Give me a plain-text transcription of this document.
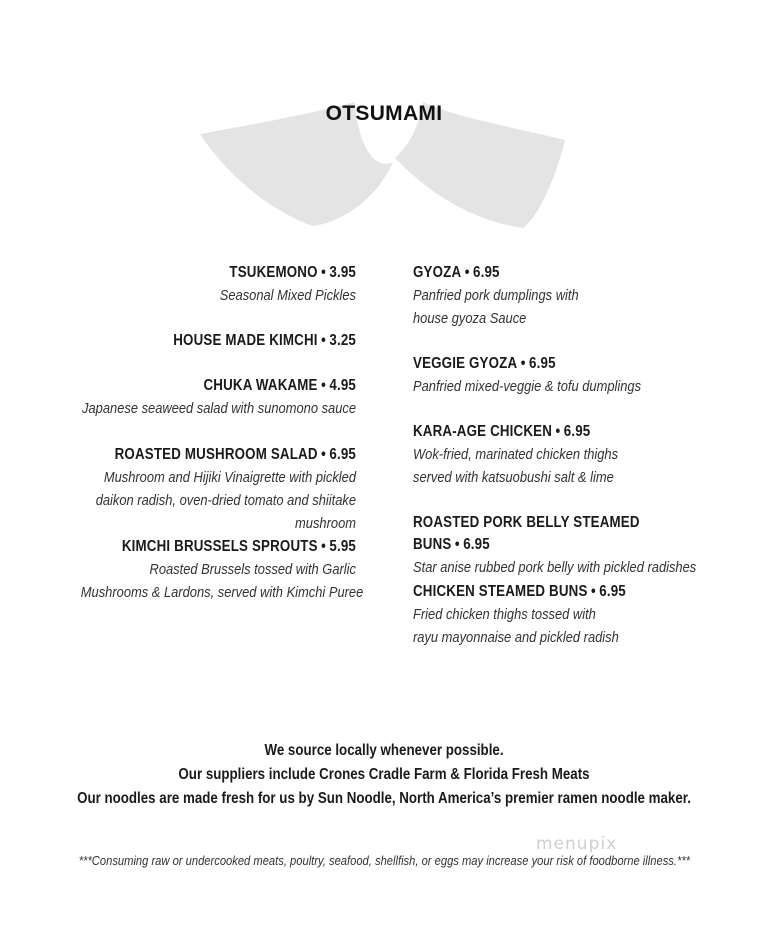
OTSUMAMI
TSUKEMONO • 3.95
Seasonal Mixed Pickles
HOUSE MADE KIMCHI • 3.25
CHUKA WAKAME • 4.95
Japanese seaweed salad with sunomono sauce
ROASTED MUSHROOM SALAD • 6.95
Mushroom and Hijiki Vinaigrette with pickled
daikon radish, oven-dried tomato and shiitake
mushroom
KIMCHI BRUSSELS SPROUTS • 5.95
Roasted Brussels tossed with Garlic
Mushrooms & Lardons, served with Kimchi Puree
GYOZA • 6.95
Panfried pork dumplings with
house gyoza Sauce
VEGGIE GYOZA • 6.95
Panfried mixed-veggie & tofu dumplings
KARA-AGE CHICKEN • 6.95
Wok-fried, marinated chicken thighs
served with katsuobushi salt & lime
ROASTED PORK BELLY STEAMED BUNS • 6.95
Star anise rubbed pork belly with pickled radishes
CHICKEN STEAMED BUNS • 6.95
Fried chicken thighs tossed with
rayu mayonnaise and pickled radish
We source locally whenever possible.
Our suppliers include Crones Cradle Farm & Florida Fresh Meats
Our noodles are made fresh for us by Sun Noodle, North America’s premier ramen noodle maker.
menupix
***Consuming raw or undercooked meats, poultry, seafood, shellfish, or eggs may increase your risk of foodborne illness.***
